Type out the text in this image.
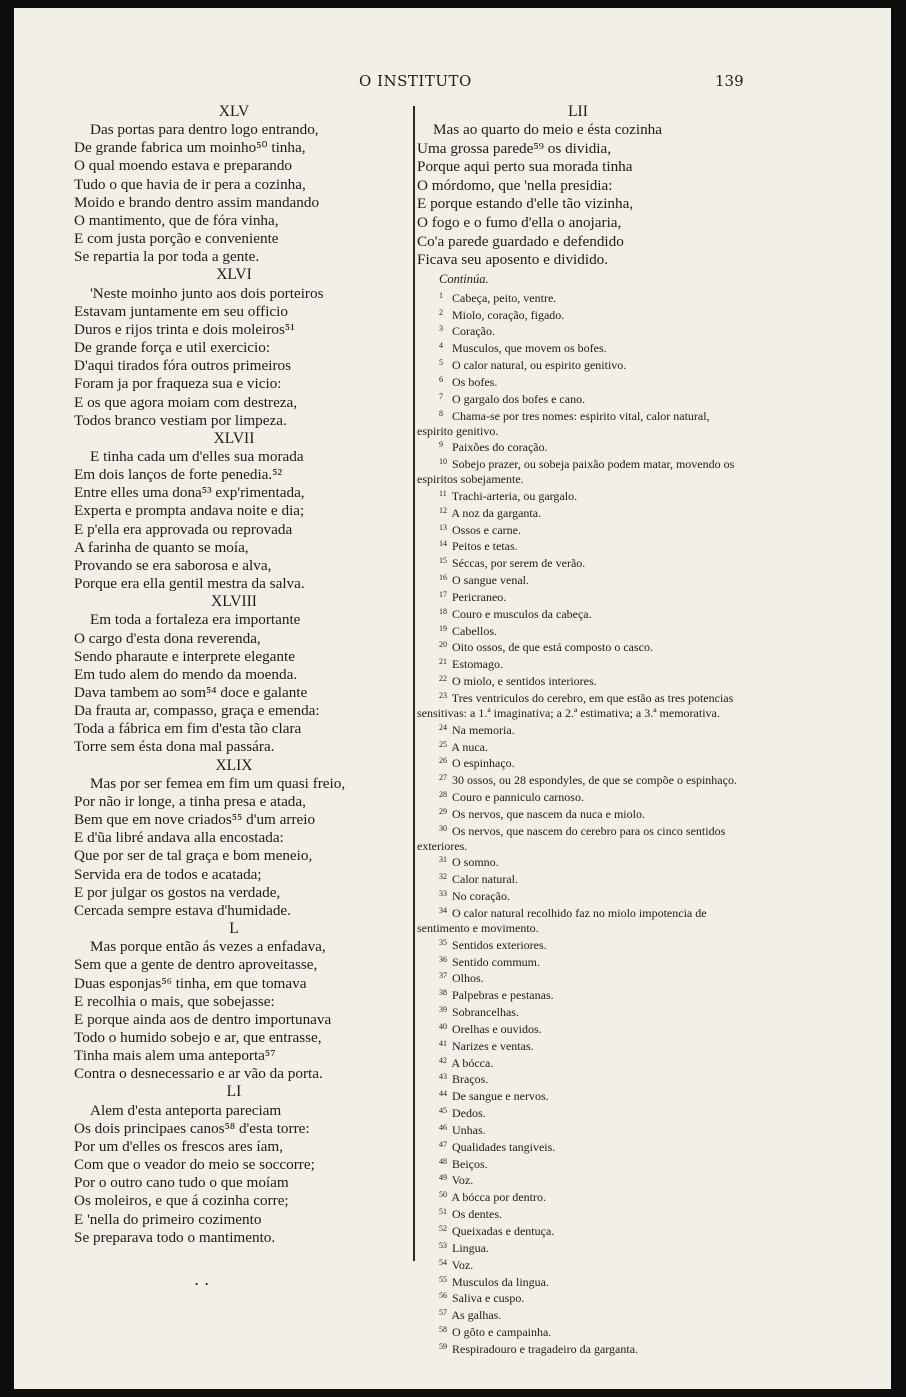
O INSTITUTO	139
XLV
Das portas para dentro logo entrando,
De grande fabrica um moinho⁵⁰ tinha,
O qual moendo estava e preparando
Tudo o que havia de ir pera a cozinha,
Moido e brando dentro assim mandando
O mantimento, que de fóra vinha,
E com justa porção e conveniente
Se repartia la por toda a gente.
XLVI
'Neste moinho junto aos dois porteiros
Estavam juntamente em seu officio
Duros e rijos trinta e dois moleiros⁵¹
De grande força e util exercicio:
D'aqui tirados fóra outros primeiros
Foram ja por fraqueza sua e vicio:
E os que agora moiam com destreza,
Todos branco vestiam por limpeza.
XLVII
E tinha cada um d'elles sua morada
Em dois lanços de forte penedia.⁵²
Entre elles uma dona⁵³ exp'rimentada,
Experta e prompta andava noite e dia;
E p'ella era approvada ou reprovada
A farinha de quanto se moía,
Provando se era saborosa e alva,
Porque era ella gentil mestra da salva.
XLVIII
Em toda a fortaleza era importante
O cargo d'esta dona reverenda,
Sendo pharaute e interprete elegante
Em tudo alem do mendo da moenda.
Dava tambem ao som⁵⁴ doce e galante
Da frauta ar, compasso, graça e emenda:
Toda a fábrica em fim d'esta tão clara
Torre sem ésta dona mal passára.
XLIX
Mas por ser femea em fim um quasi freio,
Por não ir longe, a tinha presa e atada,
Bem que em nove criados⁵⁵ d'um arreio
E d'ũa libré andava alla encostada:
Que por ser de tal graça e bom meneio,
Servida era de todos e acatada;
E por julgar os gostos na verdade,
Cercada sempre estava d'humidade.
L
Mas porque então ás vezes a enfadava,
Sem que a gente de dentro aproveitasse,
Duas esponjas⁵⁶ tinha, em que tomava
E recolhia o mais, que sobejasse:
E porque ainda aos de dentro importunava
Todo o humido sobejo e ar, que entrasse,
Tinha mais alem uma anteporta⁵⁷
Contra o desnecessario e ar vão da porta.
LI
Alem d'esta anteporta pareciam
Os dois principaes canos⁵⁸ d'esta torre:
Por um d'elles os frescos ares íam,
Com que o veador do meio se soccorre;
Por o outro cano tudo o que moíam
Os moleiros, e que á cozinha corre;
E 'nella do primeiro cozimento
Se preparava todo o mantimento.
LII
Mas ao quarto do meio e ésta cozinha
Uma grossa parede⁵⁹ os dividia,
Porque aqui perto sua morada tinha
O mórdomo, que 'nella presidia:
E porque estando d'elle tão vizinha,
O fogo e o fumo d'ella o anojaria,
Co'a parede guardado e defendido
Ficava seu aposento e dividido.
Continúa.
1 Cabeça, peito, ventre.
2 Miolo, coração, figado.
3 Coração.
4 Musculos, que movem os bofes.
5 O calor natural, ou espirito genitivo.
6 Os bofes.
7 O gargalo dos bofes e cano.
8 Chama-se por tres nomes: espirito vital, calor natural, espirito genitivo.
9 Paixões do coração.
10 Sobejo prazer, ou sobeja paixão podem matar, movendo os espiritos sobejamente.
11 Trachi-arteria, ou gargalo.
12 A noz da garganta.
13 Ossos e carne.
14 Peitos e tetas.
15 Séccas, por serem de verão.
16 O sangue venal.
17 Pericraneo.
18 Couro e musculos da cabeça.
19 Cabellos.
20 Oito ossos, de que está composto o casco.
21 Estomago.
22 O miolo, e sentidos interiores.
23 Tres ventriculos do cerebro, em que estão as tres potencias sensitivas: a 1.ª imaginativa; a 2.ª estimativa; a 3.ª memorativa.
24 Na memoria.
25 A nuca.
26 O espinhaço.
27 30 ossos, ou 28 espondyles, de que se compõe o espinhaço.
28 Couro e panniculo carnoso.
29 Os nervos, que nascem da nuca e miolo.
30 Os nervos, que nascem do cerebro para os cinco sentidos exteriores.
31 O somno.
32 Calor natural.
33 No coração.
34 O calor natural recolhido faz no miolo impotencia de sentimento e movimento.
35 Sentidos exteriores.
36 Sentido commum.
37 Olhos.
38 Palpebras e pestanas.
39 Sobrancelhas.
40 Orelhas e ouvidos.
41 Narizes e ventas.
42 A bócca.
43 Braços.
44 De sangue e nervos.
45 Dedos.
46 Unhas.
47 Qualidades tangiveis.
48 Beiços.
49 Voz.
50 A bócca por dentro.
51 Os dentes.
52 Queixadas e dentuça.
53 Lingua.
54 Voz.
55 Musculos da lingua.
56 Saliva e cuspo.
57 As galhas.
58 O gôto e campainha.
59 Respiradouro e tragadeiro da garganta.
. .
